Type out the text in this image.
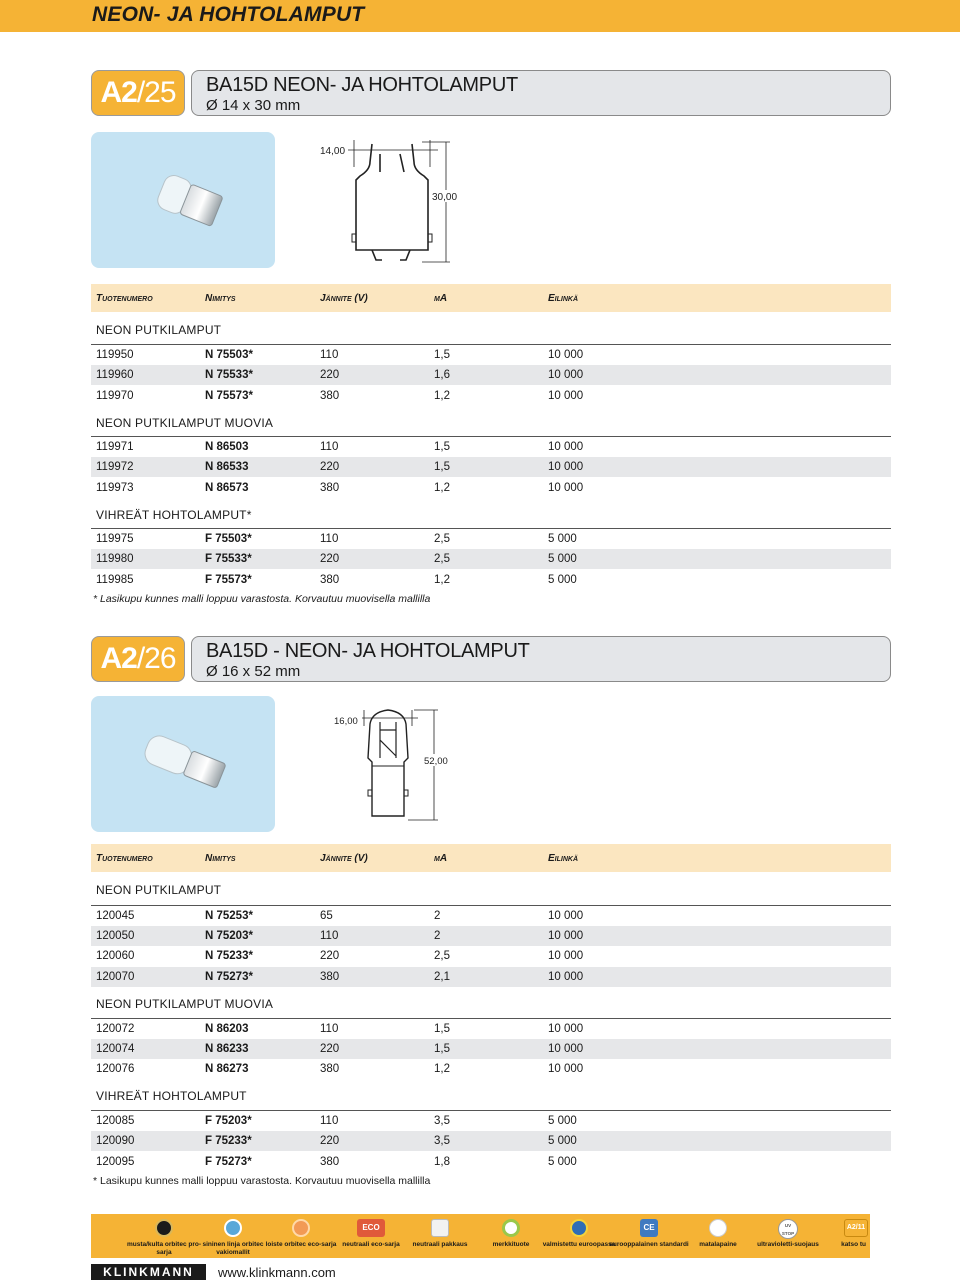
NEON- JA HOHTOLAMPUT
A2 /25 BA15D NEON- JA HOHTOLAMPUT
Ø 14 x 30 mm
14,00
30,00
Tuotenumero	Nimitys	Jännite (V)	mA	Eilinkä
NEON PUTKILAMPUT
119950	N 75503*	110	1,5	10 000
119960	N 75533*	220	1,6	10 000
119970	N 75573*	380	1,2	10 000
NEON PUTKILAMPUT MUOVIA
119971	N 86503	110	1,5	10 000
119972	N 86533	220	1,5	10 000
119973	N 86573	380	1,2	10 000
VIHREÄT HOHTOLAMPUT*
119975	F 75503*	110	2,5	5 000
119980	F 75533*	220	2,5	5 000
119985	F 75573*	380	1,2	5 000
* Lasikupu kunnes malli loppuu varastosta. Korvautuu muovisella mallilla
A2 /26 BA15D - NEON- JA HOHTOLAMPUT
Ø 16 x 52 mm
16,00
52,00
Tuotenumero	Nimitys	Jännite (V)	mA	Eilinkä
NEON PUTKILAMPUT
120045	N 75253*	65	2	10 000
120050	N 75203*	110	2	10 000
120060	N 75233*	220	2,5	10 000
120070	N 75273*	380	2,1	10 000
NEON PUTKILAMPUT MUOVIA
120072	N 86203	110	1,5	10 000
120074	N 86233	220	1,5	10 000
120076	N 86273	380	1,2	10 000
VIHREÄT HOHTOLAMPUT
120085	F 75203*	110	3,5	5 000
120090	F 75233*	220	3,5	5 000
120095	F 75273*	380	1,8	5 000
* Lasikupu kunnes malli loppuu varastosta. Korvautuu muovisella mallilla
musta/kulta orbitec pro-sarja
sininen linja orbitec vakiomallit
loiste orbitec eco-sarja
ECO
neutraali eco-sarja	neutraali pakkaus	merkkituote	valmistettu euroopassa
CE
eurooppalainen standardi	matalapaine
UV STOP
ultravioletti-suojaus
A2/11
katso tu
KLINKMANN	www.klinkmann.com
